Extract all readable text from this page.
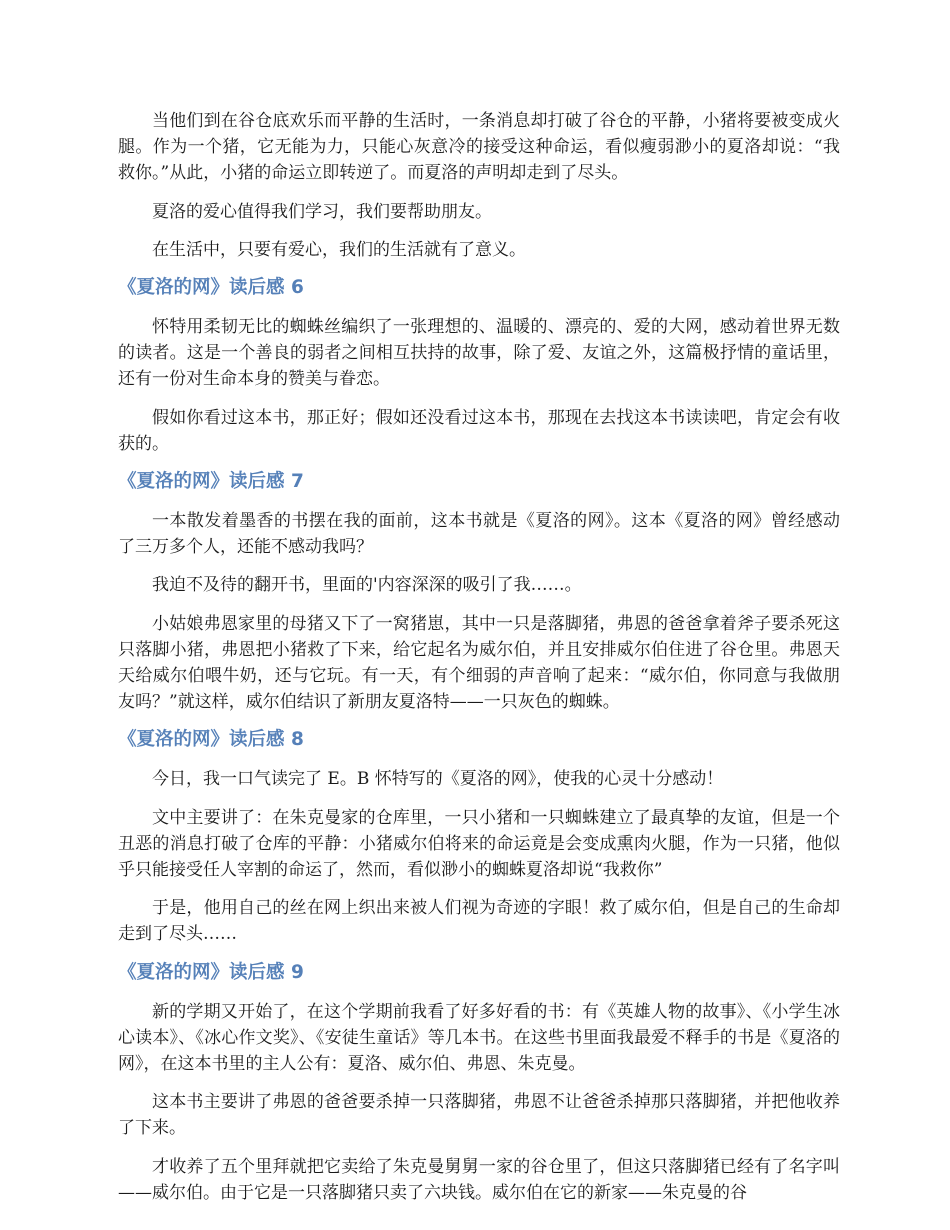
当他们到在谷仓底欢乐而平静的生活时，一条消息却打破了谷仓的平静，小猪将要被变成火腿。作为一个猪，它无能为力，只能心灰意冷的接受这种命运，看似瘦弱渺小的夏洛却说：“我救你。”从此，小猪的命运立即转逆了。而夏洛的声明却走到了尽头。

夏洛的爱心值得我们学习，我们要帮助朋友。

在生活中，只要有爱心，我们的生活就有了意义。

《夏洛的网》读后感 6

怀特用柔韧无比的蜘蛛丝编织了一张理想的、温暖的、漂亮的、爱的大网，感动着世界无数的读者。这是一个善良的弱者之间相互扶持的故事，除了爱、友谊之外，这篇极抒情的童话里，还有一份对生命本身的赞美与眷恋。

假如你看过这本书，那正好；假如还没看过这本书，那现在去找这本书读读吧，肯定会有收获的。

《夏洛的网》读后感 7

一本散发着墨香的书摆在我的面前，这本书就是《夏洛的网》。这本《夏洛的网》曾经感动了三万多个人，还能不感动我吗？

我迫不及待的翻开书，里面的'内容深深的吸引了我……。

小姑娘弗恩家里的母猪又下了一窝猪崽，其中一只是落脚猪，弗恩的爸爸拿着斧子要杀死这只落脚小猪，弗恩把小猪救了下来，给它起名为威尔伯，并且安排威尔伯住进了谷仓里。弗恩天天给威尔伯喂牛奶，还与它玩。有一天，有个细弱的声音响了起来：“威尔伯，你同意与我做朋友吗？”就这样，威尔伯结识了新朋友夏洛特——一只灰色的蜘蛛。

《夏洛的网》读后感 8

今日，我一口气读完了 E。B 怀特写的《夏洛的网》，使我的心灵十分感动！

文中主要讲了：在朱克曼家的仓库里，一只小猪和一只蜘蛛建立了最真挚的友谊，但是一个丑恶的消息打破了仓库的平静：小猪威尔伯将来的命运竟是会变成熏肉火腿，作为一只猪，他似乎只能接受任人宰割的命运了，然而，看似渺小的蜘蛛夏洛却说“我救你”

于是，他用自己的丝在网上织出来被人们视为奇迹的字眼！救了威尔伯，但是自己的生命却走到了尽头……

《夏洛的网》读后感 9

新的学期又开始了，在这个学期前我看了好多好看的书：有《英雄人物的故事》、《小学生冰心读本》、《冰心作文奖》、《安徒生童话》等几本书。在这些书里面我最爱不释手的书是《夏洛的网》，在这本书里的主人公有：夏洛、威尔伯、弗恩、朱克曼。

这本书主要讲了弗恩的爸爸要杀掉一只落脚猪，弗恩不让爸爸杀掉那只落脚猪，并把他收养了下来。

才收养了五个里拜就把它卖给了朱克曼舅舅一家的谷仓里了，但这只落脚猪已经有了名字叫——威尔伯。由于它是一只落脚猪只卖了六块钱。威尔伯在它的新家——朱克曼的谷
